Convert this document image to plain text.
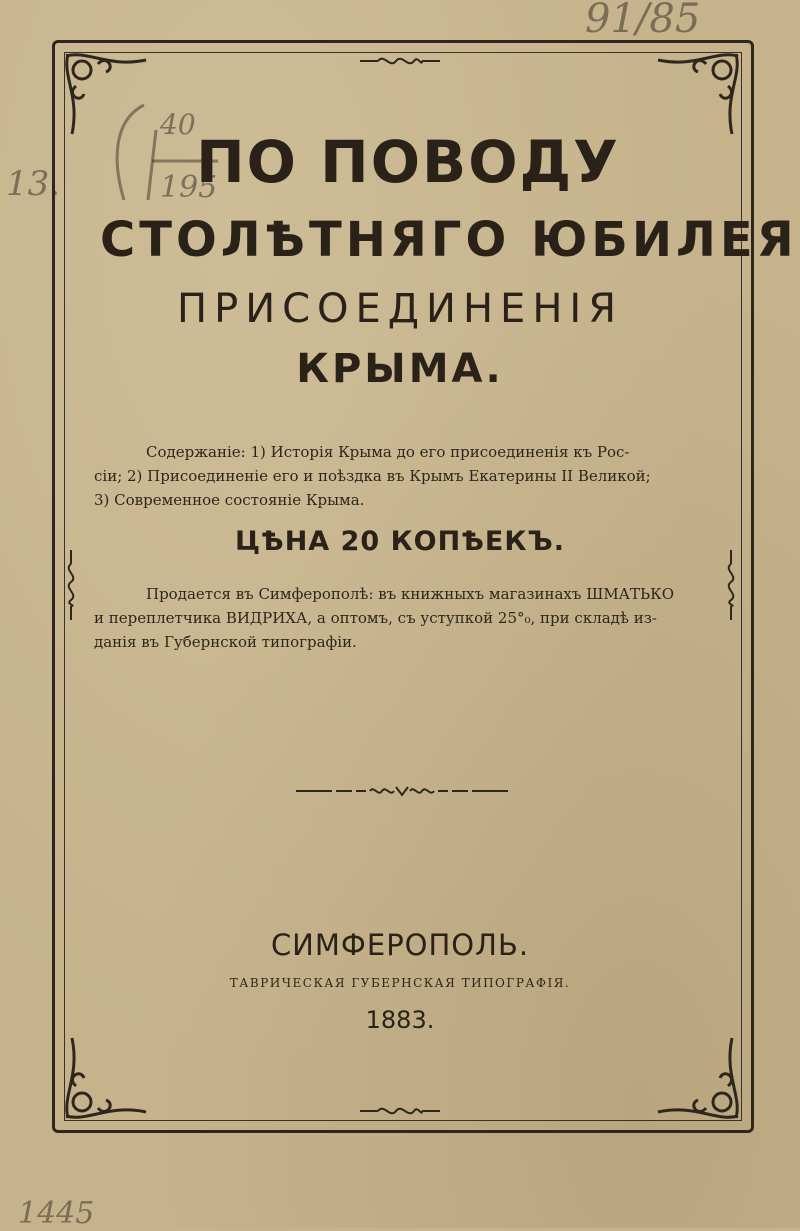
91/85
13.
40
195
1445
ПО ПОВОДУ
СТОЛѢТНЯГО ЮБИЛЕЯ
ПРИСОЕДИНЕНІЯ
КРЫМА.
Содержаніе: 1) Исторія Крыма до его присоединенія къ Рос-
сіи; 2) Присоединеніе его и поѣздка въ Крымъ Екатерины II Великой;
3) Современное состояніе Крыма.
ЦѢНА 20 КОПѢЕКЪ.
Продается въ Симферополѣ: въ книжныхъ магазинахъ ШМАТЬКО
и переплетчика ВИДРИХА, а оптомъ, съ уступкой 25°₀, при складѣ из-
данія въ Губернской типографіи.
СИМФЕРОПОЛЬ.
ТАВРИЧЕСКАЯ ГУБЕРНСКАЯ ТИПОГРАФІЯ.
1883.
